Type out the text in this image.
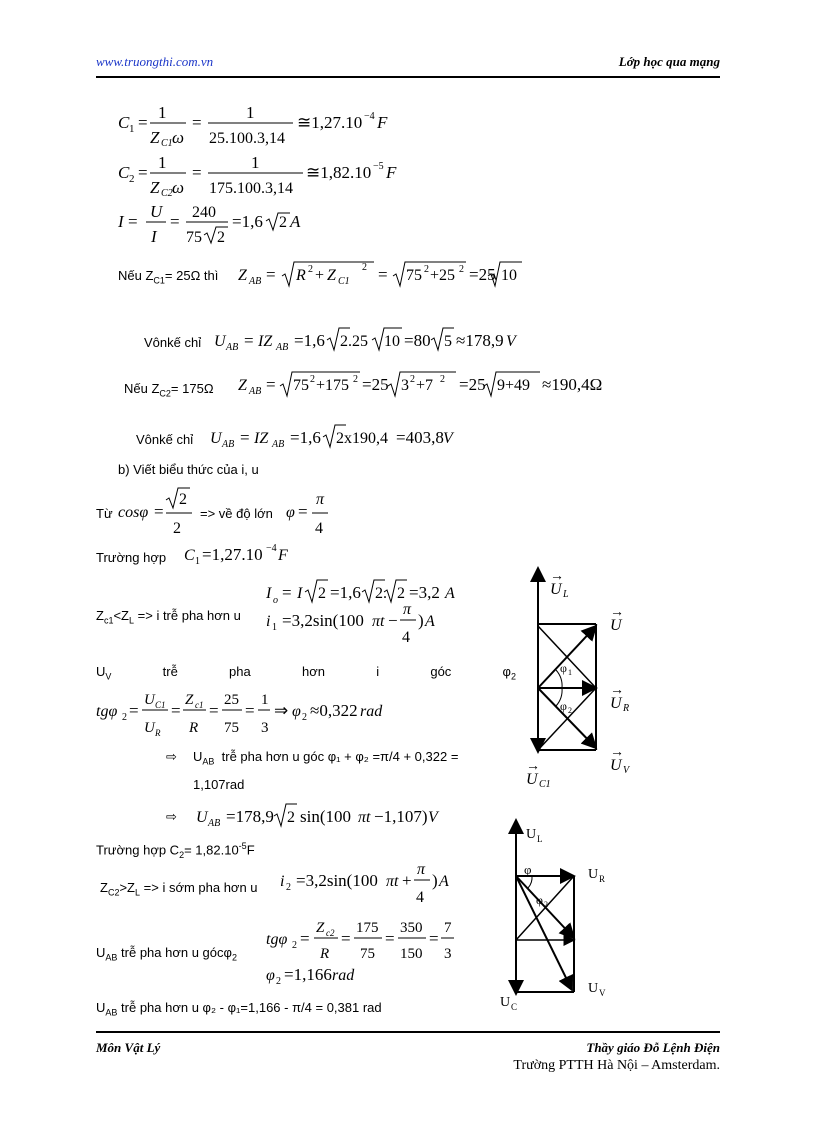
www.truongthi.com.vn	Lớp học qua mạng
C 1 =
1
Z C1 ω
=
1
25.100.3,14
≅1,27.10 −4 F
C 2 =
1
Z C2 ω
=
1
175.100.3,14
≅1,82.10 −5 F
I =
U
I
= 240
75 2
=1,6 2 A
Nếu $Z_{C1}= 25\Omega$ thì Z AB = R 2 + Z C1
2 = 75 2 +25 2 =25 10
Vônkế chỉ U AB = IZ AB =1,6 2.25 10 =80 5 ≈178,9 V
Nếu $Z_{C2}= 175\Omega$ Z AB = 75 2 +175 2 =25 3 2 +7 2 =25 9+49 ≈190,4Ω
Vônkế chỉ U AB = IZ AB =1,6 2x190,4 =403,8 V
b) Viết biểu thức của i, u
Từ cosφ =
2
2
=> về độ lớn φ =
π
4
Trường hợp C 1 =1,27.10 −4 F
I o = I 2 =1,6 2. 2 =3,2 A
$Z_{c1}<Z_L => i$ trễ pha hơn u i 1 =3,2sin(100 πt −
π
4
) A
$U_V$	trễ	pha	hơn	i	góc	$\varphi_2$
tgφ 2 =
U C1
U R
=
Z c1
R
=
25
75
=
1
3
⇒ φ 2 ≈0,322 rad
⇨ $U_{AB}$ trễ pha hơn u góc φ₁ + φ₂ =π/4 + 0,322 =
1,107rad
⇨ U AB =178,9 2 sin(100 πt −1,107) V
Trường hợp $C_2= 1,82.10^{-5}F$
$Z_{C2}>Z_L => i$ sớm pha hơn u i 2 =3,2sin(100 πt +
π
4
) A
$U_{AB}$ trễ pha hơn u gócφ$_2$
tgφ 2 =
Z c2
R
=
175
75
=
350
150
=
7
3
φ 2 =1,166 rad
$U_{AB}$ trễ pha hơn u φ₂ - φ₁=1,166 - π/4 = 0,381 rad
→
U L
→
U
φ 1
φ 2
→
U R
→
U V
→
U C1
U L
U R
φ
φ 2
U V
U C
Môn Vật Lý	Thầy giáo Đỗ Lệnh Điện
Trường PTTH Hà Nội – Amsterdam.
